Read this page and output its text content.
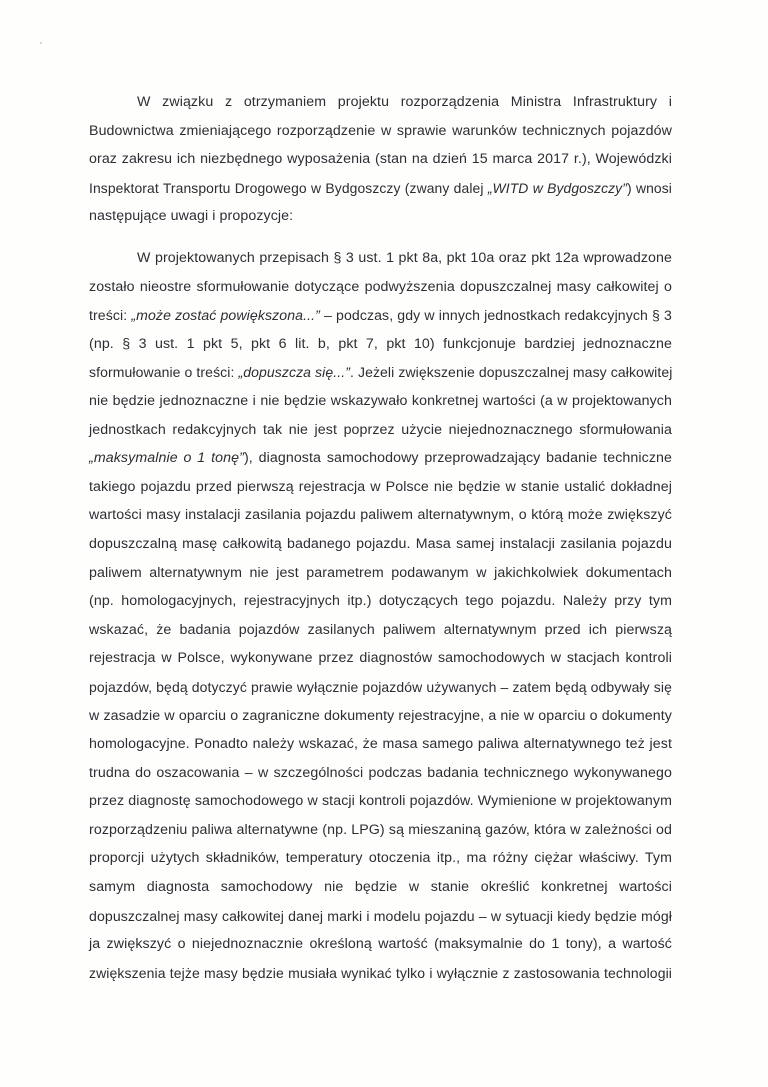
W związku z otrzymaniem projektu rozporządzenia Ministra Infrastruktury i
Budownictwa zmieniającego rozporządzenie w sprawie warunków technicznych pojazdów
oraz zakresu ich niezbędnego wyposażenia (stan na dzień 15 marca 2017 r.), Wojewódzki
Inspektorat Transportu Drogowego w Bydgoszczy (zwany dalej „WITD w Bydgoszczy”) wnosi
następujące uwagi i propozycje:
W projektowanych przepisach § 3 ust. 1 pkt 8a, pkt 10a oraz pkt 12a wprowadzone
zostało nieostre sformułowanie dotyczące podwyższenia dopuszczalnej masy całkowitej o
treści: „może zostać powiększona...” – podczas, gdy w innych jednostkach redakcyjnych § 3
(np. § 3 ust. 1 pkt 5, pkt 6 lit. b, pkt 7, pkt 10) funkcjonuje bardziej jednoznaczne
sformułowanie o treści: „dopuszcza się...”. Jeżeli zwiększenie dopuszczalnej masy całkowitej
nie będzie jednoznaczne i nie będzie wskazywało konkretnej wartości (a w projektowanych
jednostkach redakcyjnych tak nie jest poprzez użycie niejednoznacznego sformułowania
„maksymalnie o 1 tonę”), diagnosta samochodowy przeprowadzający badanie techniczne
takiego pojazdu przed pierwszą rejestracja w Polsce nie będzie w stanie ustalić dokładnej
wartości masy instalacji zasilania pojazdu paliwem alternatywnym, o którą może zwiększyć
dopuszczalną masę całkowitą badanego pojazdu. Masa samej instalacji zasilania pojazdu
paliwem alternatywnym nie jest parametrem podawanym w jakichkolwiek dokumentach
(np. homologacyjnych, rejestracyjnych itp.) dotyczących tego pojazdu. Należy przy tym
wskazać, że badania pojazdów zasilanych paliwem alternatywnym przed ich pierwszą
rejestracja w Polsce, wykonywane przez diagnostów samochodowych w stacjach kontroli
pojazdów, będą dotyczyć prawie wyłącznie pojazdów używanych – zatem będą odbywały się
w zasadzie w oparciu o zagraniczne dokumenty rejestracyjne, a nie w oparciu o dokumenty
homologacyjne. Ponadto należy wskazać, że masa samego paliwa alternatywnego też jest
trudna do oszacowania – w szczególności podczas badania technicznego wykonywanego
przez diagnostę samochodowego w stacji kontroli pojazdów. Wymienione w projektowanym
rozporządzeniu paliwa alternatywne (np. LPG) są mieszaniną gazów, która w zależności od
proporcji użytych składników, temperatury otoczenia itp., ma różny ciężar właściwy. Tym
samym diagnosta samochodowy nie będzie w stanie określić konkretnej wartości
dopuszczalnej masy całkowitej danej marki i modelu pojazdu – w sytuacji kiedy będzie mógł
ja zwiększyć o niejednoznacznie określoną wartość (maksymalnie do 1 tony), a wartość
zwiększenia tejże masy będzie musiała wynikać tylko i wyłącznie z zastosowania technologii
